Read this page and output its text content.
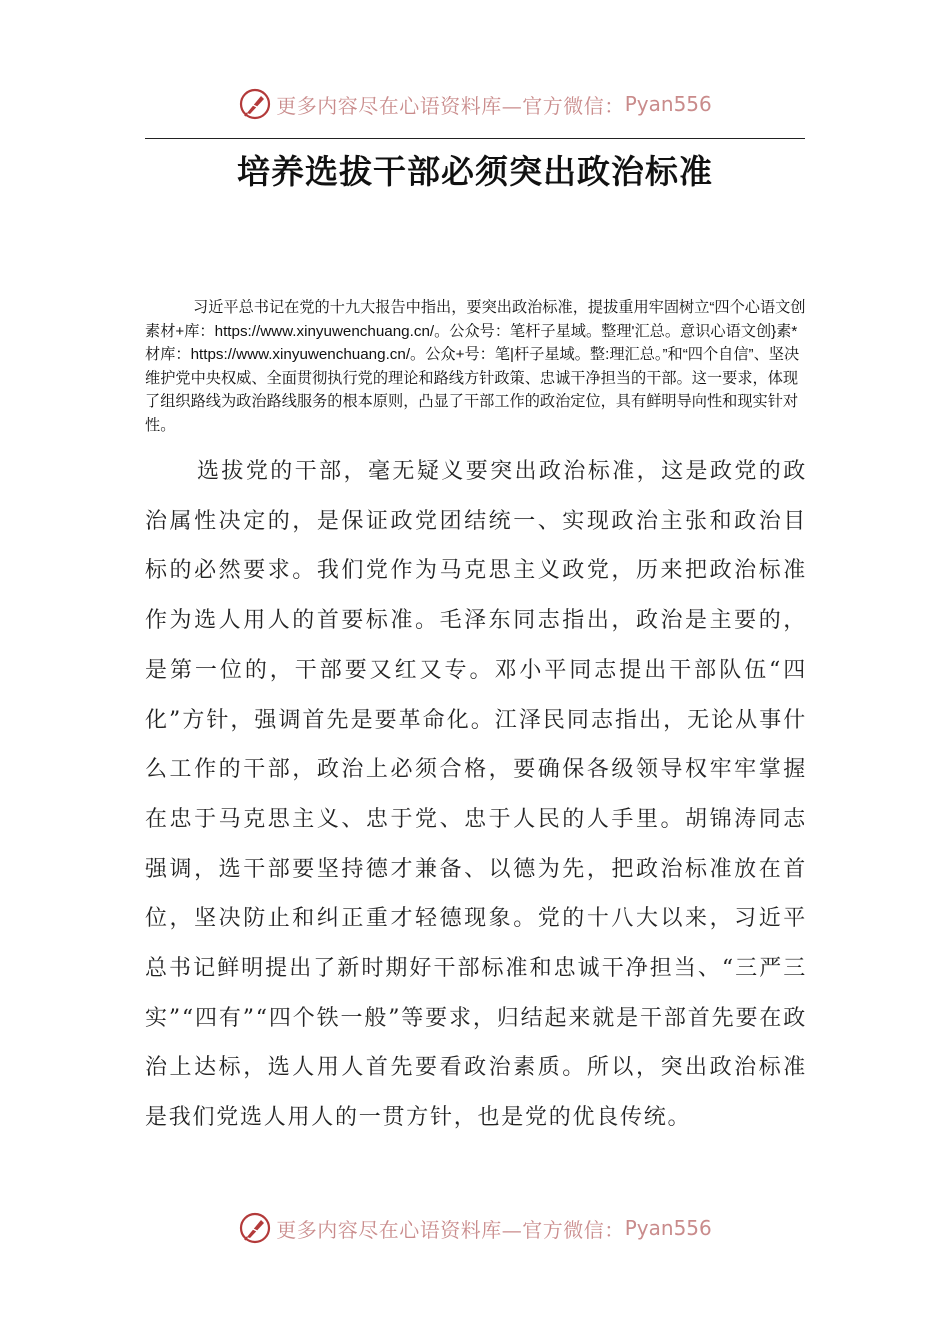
更多内容尽在心语资料库—官方微信： Pyan556
培养选拔干部必须突出政治标准

习近平总书记在党的十九大报告中指出，要突出政治标准，提拔重用牢固树立“四个心语文创素材+库：https://www.xinyuwenchuang.cn/。公众号：笔杆子星域。整理'汇总。意识心语文创}素*材库：https://www.xinyuwenchuang.cn/。公众+号：笔|杆子星域。整:理汇总。”和“四个自信”、坚决维护党中央权威、全面贯彻执行党的理论和路线方针政策、忠诚干净担当的干部。这一要求，体现了组织路线为政治路线服务的根本原则，凸显了干部工作的政治定位，具有鲜明导向性和现实针对性。

选拔党的干部，毫无疑义要突出政治标准，这是政党的政治属性决定的，是保证政党团结统一、实现政治主张和政治目标的必然要求。我们党作为马克思主义政党，历来把政治标准作为选人用人的首要标准。毛泽东同志指出，政治是主要的，是第一位的，干部要又红又专。邓小平同志提出干部队伍“四化”方针，强调首先是要革命化。江泽民同志指出，无论从事什么工作的干部，政治上必须合格，要确保各级领导权牢牢掌握在忠于马克思主义、忠于党、忠于人民的人手里。胡锦涛同志强调，选干部要坚持德才兼备、以德为先，把政治标准放在首位，坚决防止和纠正重才轻德现象。党的十八大以来，习近平总书记鲜明提出了新时期好干部标准和忠诚干净担当、“三严三实”“四有”“四个铁一般”等要求，归结起来就是干部首先要在政治上达标，选人用人首先要看政治素质。所以，突出政治标准是我们党选人用人的一贯方针，也是党的优良传统。

更多内容尽在心语资料库—官方微信： Pyan556
